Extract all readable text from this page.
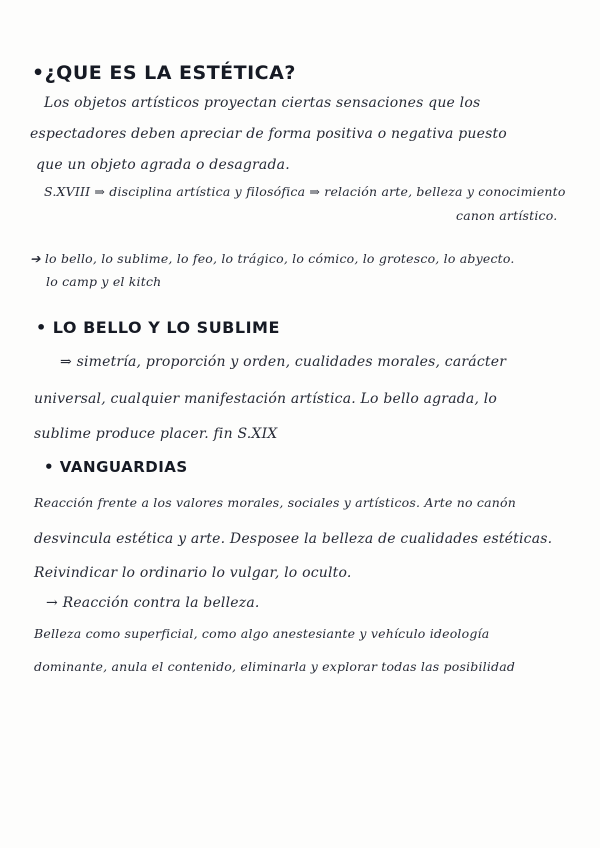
•¿QUE ES LA ESTÉTICA?
Los objetos artísticos proyectan ciertas sensaciones que los
espectadores deben apreciar de forma positiva o negativa puesto
que un objeto agrada o desagrada.
S.XVIII ⇒ disciplina artística y filosófica ⇒ relación arte, belleza y conocimiento
canon artístico.
➔ lo bello, lo sublime, lo feo, lo trágico, lo cómico, lo grotesco, lo abyecto.
lo camp y el kitch
• LO BELLO Y LO SUBLIME
⇒ simetría, proporción y orden, cualidades morales, carácter
universal, cualquier manifestación artística. Lo bello agrada, lo
sublime produce placer. fin S.XIX
• VANGUARDIAS
Reacción frente a los valores morales, sociales y artísticos. Arte no canón
desvincula estética y arte. Desposee la belleza de cualidades estéticas.
Reivindicar lo ordinario lo vulgar, lo oculto.
→ Reacción contra la belleza.
Belleza como superficial, como algo anestesiante y vehículo ideología
dominante, anula el contenido, eliminarla y explorar todas las posibilidad
